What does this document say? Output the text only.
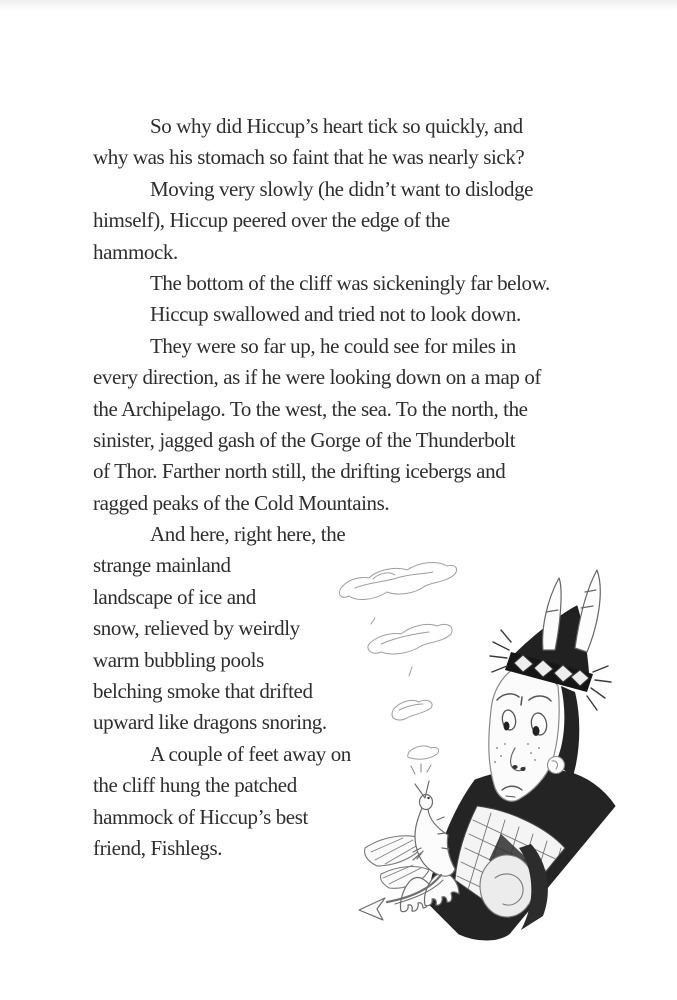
So why did Hiccup’s heart tick so quickly, and
why was his stomach so faint that he was nearly sick?
Moving very slowly (he didn’t want to dislodge
himself), Hiccup peered over the edge of the
hammock.
The bottom of the cliff was sickeningly far below.
Hiccup swallowed and tried not to look down.
They were so far up, he could see for miles in
every direction, as if he were looking down on a map of
the Archipelago. To the west, the sea. To the north, the
sinister, jagged gash of the Gorge of the Thunderbolt
of Thor. Farther north still, the drifting icebergs and
ragged peaks of the Cold Mountains.
And here, right here, the
strange mainland
landscape of ice and
snow, relieved by weirdly
warm bubbling pools
belching smoke that drifted
upward like dragons snoring.
A couple of feet away on
the cliff hung the patched
hammock of Hiccup’s best
friend, Fishlegs.
